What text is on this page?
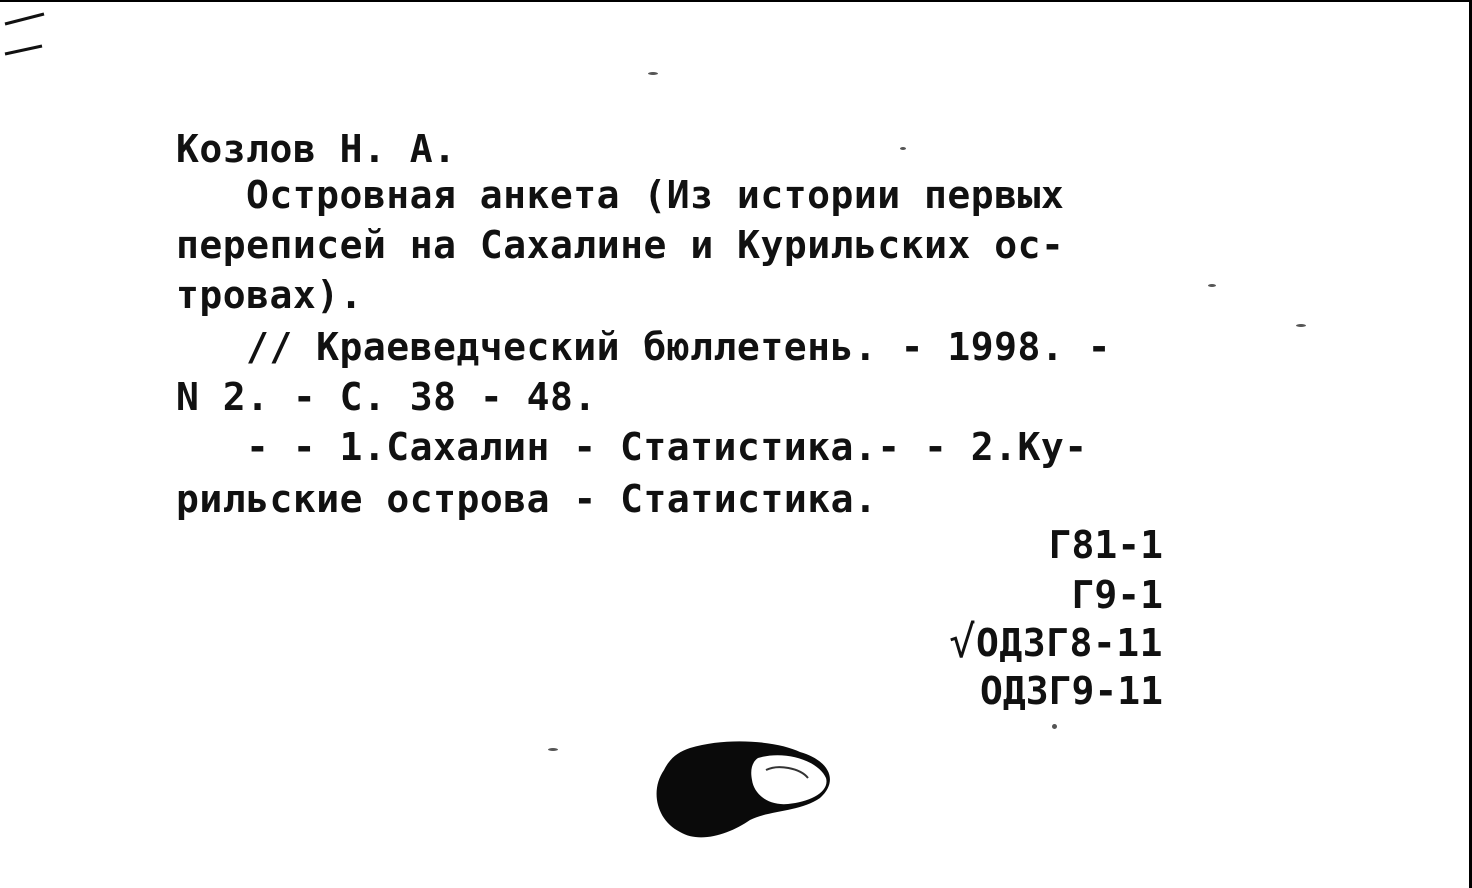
Козлов Н. А.

Островная анкета (Из истории первых

переписей на Сахалине и Курильских ос-

тровах).

// Краеведческий бюллетень. - 1998. -

N 2. - С. 38 - 48.

- - 1.Сахалин - Статистика.- - 2.Ку-

рильские острова - Статистика.

Г81-1

Г9-1

√ ОДЗГ8-11

ОДЗГ9-11
